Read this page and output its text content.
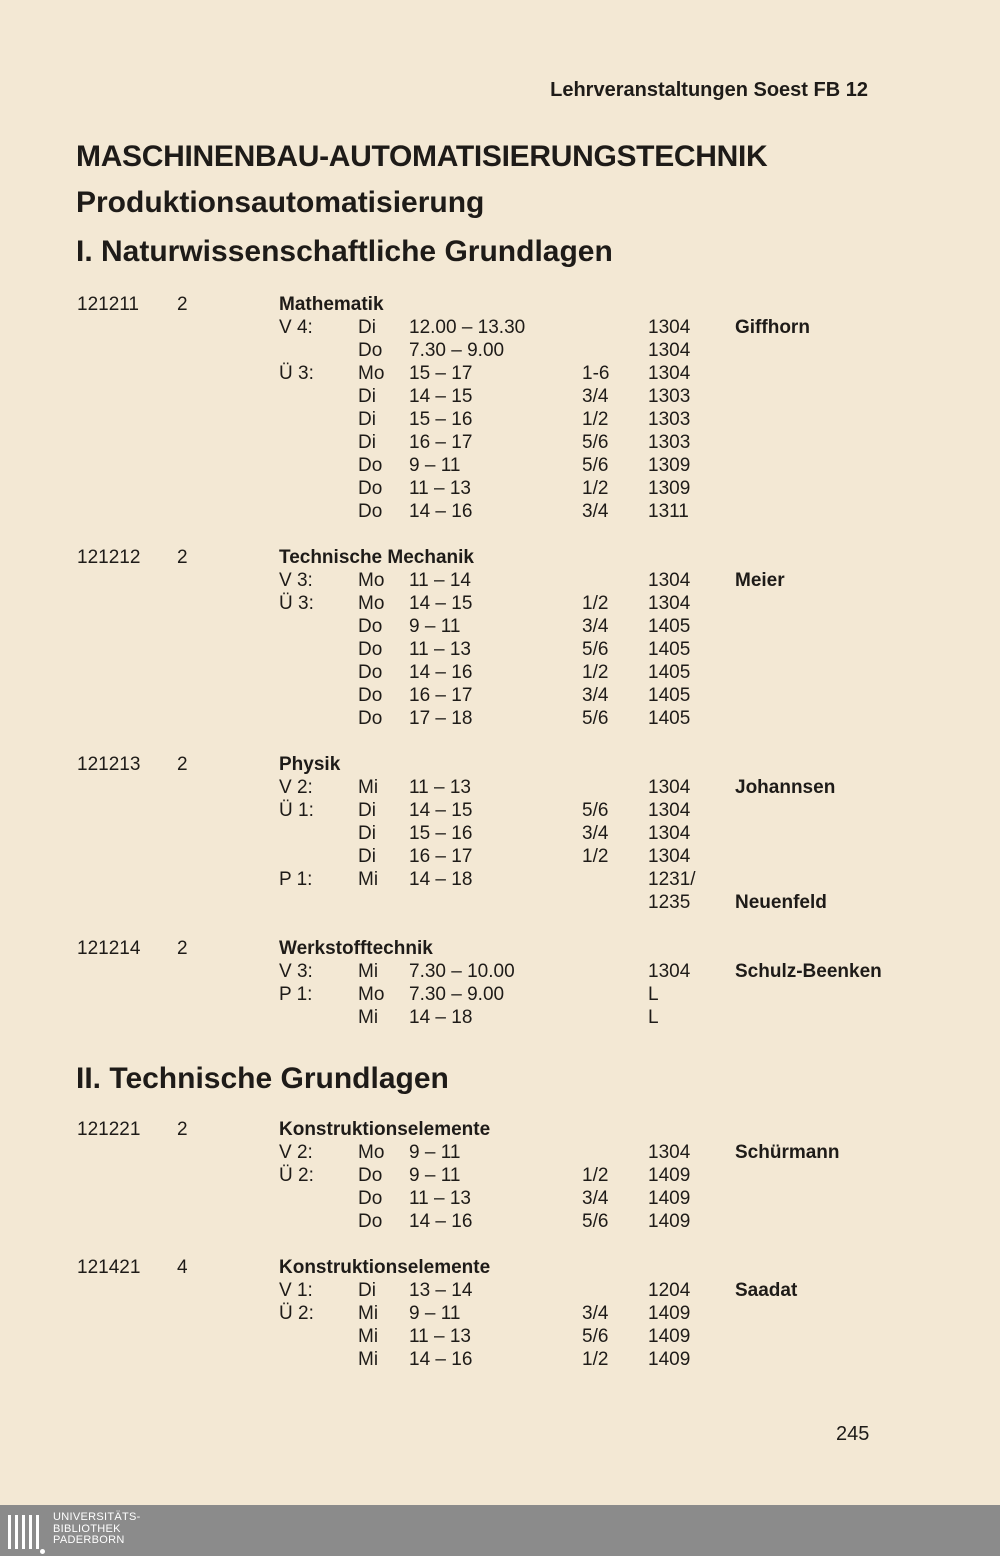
Lehrveranstaltungen Soest FB 12
MASCHINENBAU-AUTOMATISIERUNGSTECHNIK
Produktionsautomatisierung
I. Naturwissenschaftliche Grundlagen
121211 2	Mathematik
V 4: Di 12.00 – 13.30	1304 Giffhorn
Do 7.30 – 9.00	1304
Ü 3: Mo 15 – 17	1-6 1304
Di 14 – 15	3/4 1303
Di 15 – 16	1/2 1303
Di 16 – 17	5/6 1303
Do 9 – 11	5/6 1309
Do 11 – 13	1/2 1309
Do 14 – 16	3/4 1311
121212 2	Technische Mechanik
V 3: Mo 11 – 14	1304 Meier
Ü 3: Mo 14 – 15	1/2 1304
Do 9 – 11	3/4 1405
Do 11 – 13	5/6 1405
Do 14 – 16	1/2 1405
Do 16 – 17	3/4 1405
Do 17 – 18	5/6 1405
121213 2	Physik
V 2: Mi 11 – 13	1304 Johannsen
Ü 1: Di 14 – 15	5/6 1304
Di 15 – 16	3/4 1304
Di 16 – 17	1/2 1304
P 1: Mi 14 – 18	1231/
1235 Neuenfeld
121214 2	Werkstofftechnik
V 3: Mi 7.30 – 10.00	1304 Schulz-Beenken
P 1: Mo 7.30 – 9.00	L
Mi 14 – 18	L
II. Technische Grundlagen
121221 2	Konstruktionselemente
V 2: Mo 9 – 11	1304 Schürmann
Ü 2: Do 9 – 11	1/2 1409
Do 11 – 13	3/4 1409
Do 14 – 16	5/6 1409
121421 4	Konstruktionselemente
V 1: Di 13 – 14	1204 Saadat
Ü 2: Mi 9 – 11	3/4 1409
Mi 11 – 13	5/6 1409
Mi 14 – 16	1/2 1409
245
UNIVERSITÄTS-
BIBLIOTHEK
PADERBORN
